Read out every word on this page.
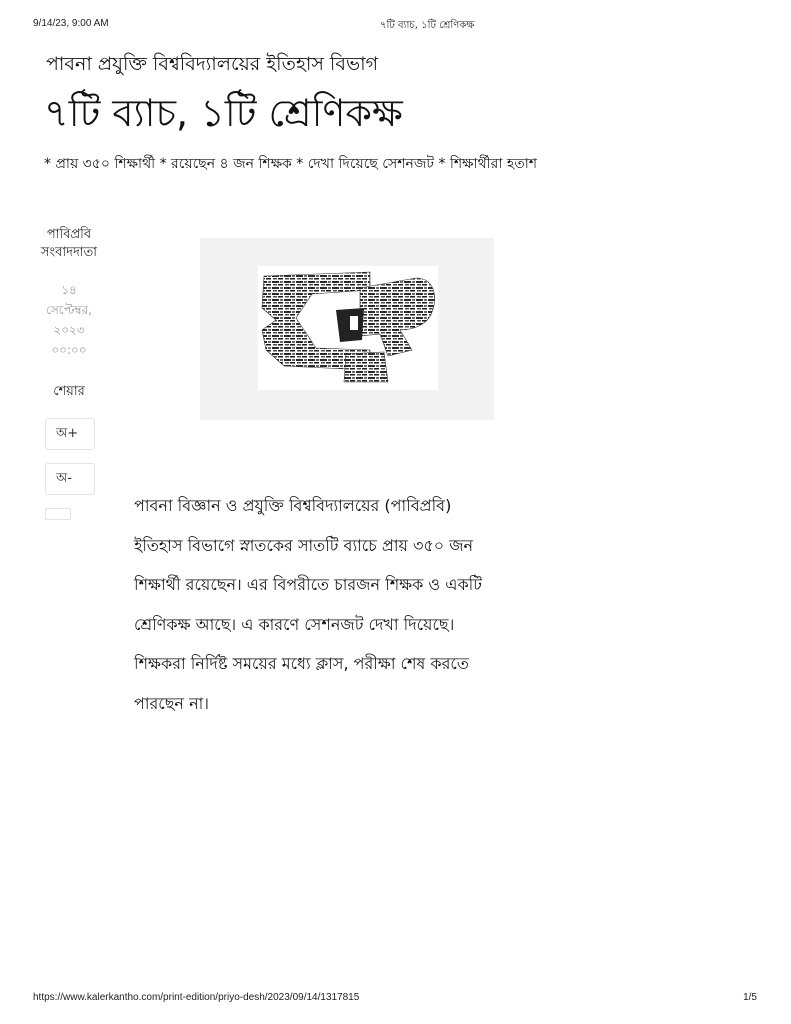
9/14/23, 9:00 AM	৭টি ব্যাচ, ১টি শ্রেণিকক্ষ
পাবনা প্রযুক্তি বিশ্ববিদ্যালয়ের ইতিহাস বিভাগ
৭টি ব্যাচ, ১টি শ্রেণিকক্ষ
* প্রায় ৩৫০ শিক্ষার্থী * রয়েছেন ৪ জন শিক্ষক * দেখা দিয়েছে সেশনজট * শিক্ষার্থীরা হতাশ
পাবিপ্রবি
সংবাদদাতা
১৪
সেপ্টেম্বর,
২০২৩
০০:০০
শেয়ার
অ+
অ-
পাবনা বিজ্ঞান ও প্রযুক্তি বিশ্ববিদ্যালয়ের (পাবিপ্রবি)
ইতিহাস বিভাগে স্নাতকের সাতটি ব্যাচে প্রায় ৩৫০ জন
শিক্ষার্থী রয়েছেন। এর বিপরীতে চারজন শিক্ষক ও একটি
শ্রেণিকক্ষ আছে। এ কারণে সেশনজট দেখা দিয়েছে।
শিক্ষকরা নির্দিষ্ট সময়ের মধ্যে ক্লাস, পরীক্ষা শেষ করতে
পারছেন না।
https://www.kalerkantho.com/print-edition/priyo-desh/2023/09/14/1317815	1/5
